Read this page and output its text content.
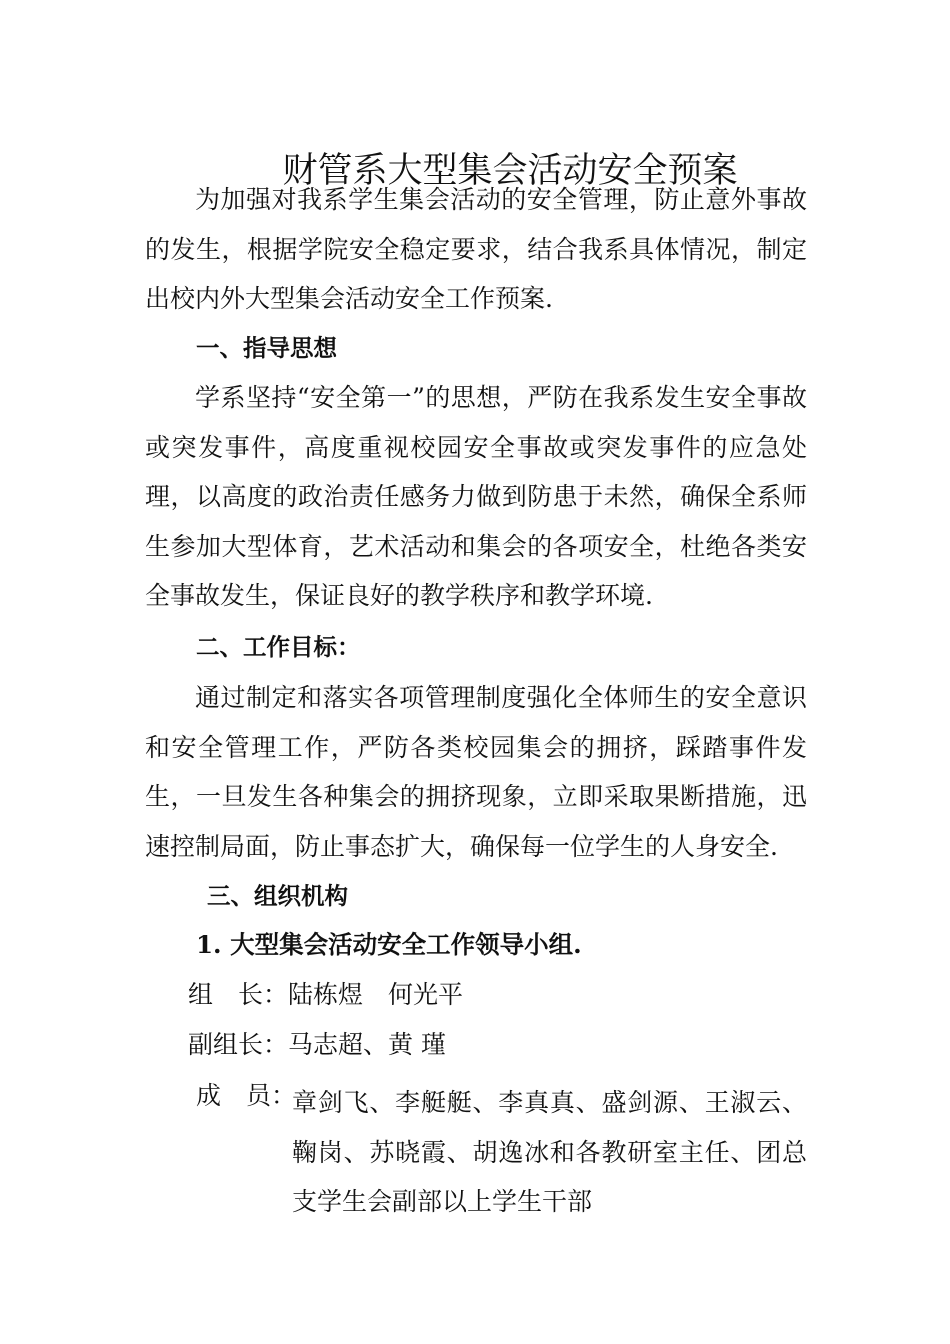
财管系大型集会活动安全预案

为加强对我系学生集会活动的安全管理，防止意外事故的发生，根据学院安全稳定要求，结合我系具体情况，制定出校内外大型集会活动安全工作预案.

一、指导思想

学系坚持“安全第一”的思想，严防在我系发生安全事故或突发事件，高度重视校园安全事故或突发事件的应急处理，以高度的政治责任感务力做到防患于未然，确保全系师生参加大型体育，艺术活动和集会的各项安全，杜绝各类安全事故发生，保证良好的教学秩序和教学环境.

二、工作目标：

通过制定和落实各项管理制度强化全体师生的安全意识和安全管理工作，严防各类校园集会的拥挤，踩踏事件发生，一旦发生各种集会的拥挤现象，立即采取果断措施，迅速控制局面，防止事态扩大，确保每一位学生的人身安全.

三、组织机构
1. 大型集会活动安全工作领导小组.
组　长：陆栋煜　何光平
副组长：马志超、黄 瑾
成　员：

章剑飞、李艇艇、李真真、盛剑源、王淑云、鞠岗、苏晓霞、胡逸冰和各教研室主任、团总支学生会副部以上学生干部
